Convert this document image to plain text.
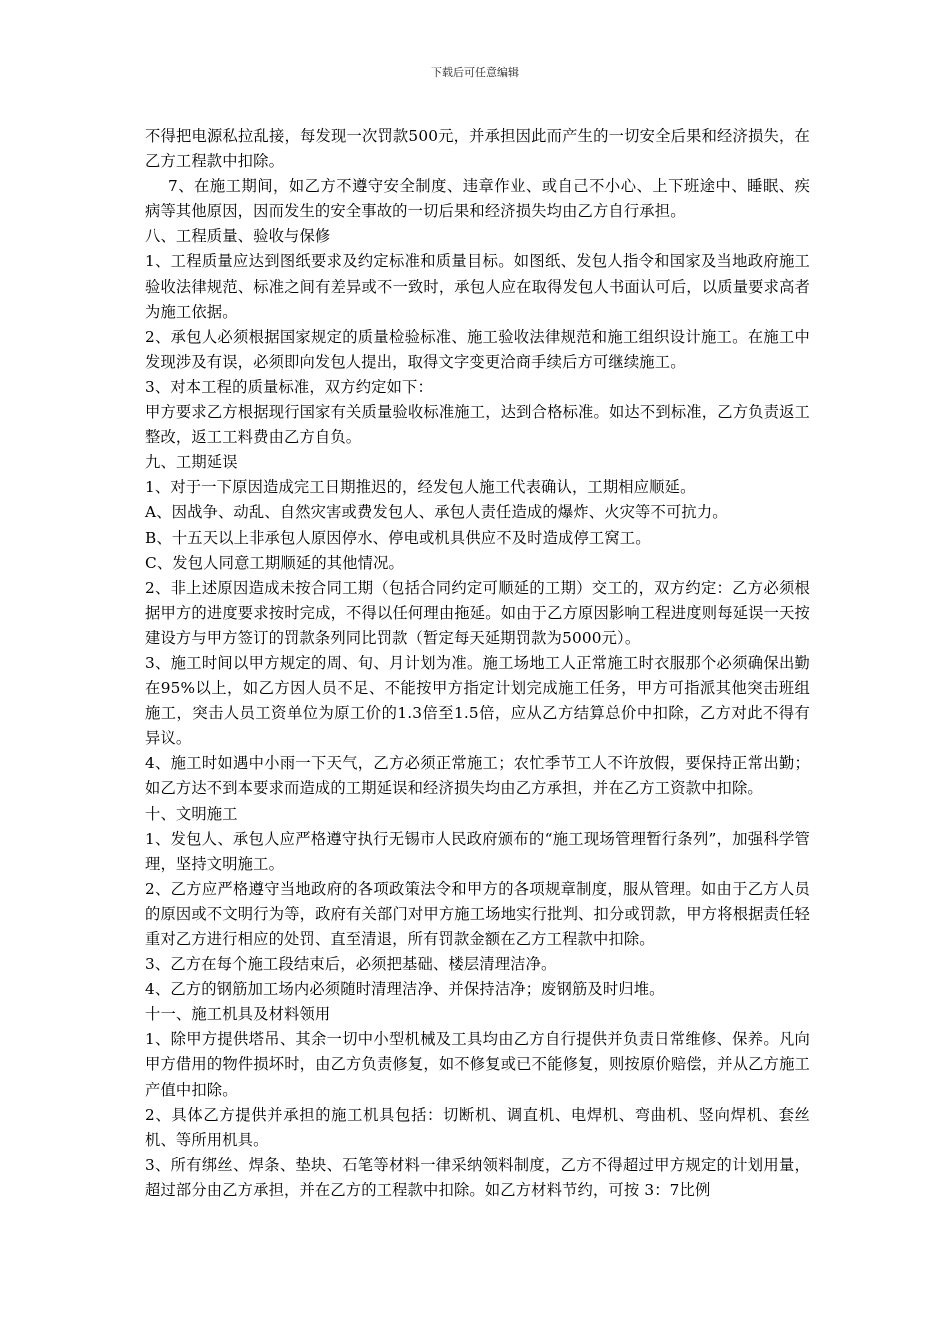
下载后可任意编辑

不得把电源私拉乱接，每发现一次罚款500元，并承担因此而产生的一切安全后果和经济损失，在乙方工程款中扣除。

7、在施工期间，如乙方不遵守安全制度、违章作业、或自己不小心、上下班途中、睡眠、疾病等其他原因，因而发生的安全事故的一切后果和经济损失均由乙方自行承担。

八、工程质量、验收与保修

1、工程质量应达到图纸要求及约定标准和质量目标。如图纸、发包人指令和国家及当地政府施工验收法律规范、标准之间有差异或不一致时，承包人应在取得发包人书面认可后，以质量要求高者为施工依据。

2、承包人必须根据国家规定的质量检验标准、施工验收法律规范和施工组织设计施工。在施工中发现涉及有误，必须即向发包人提出，取得文字变更洽商手续后方可继续施工。

3、对本工程的质量标准，双方约定如下：

甲方要求乙方根据现行国家有关质量验收标准施工，达到合格标准。如达不到标准，乙方负责返工整改，返工工料费由乙方自负。

九、工期延误

1、对于一下原因造成完工日期推迟的，经发包人施工代表确认，工期相应顺延。

A、因战争、动乱、自然灾害或费发包人、承包人责任造成的爆炸、火灾等不可抗力。

B、十五天以上非承包人原因停水、停电或机具供应不及时造成停工窝工。

C、发包人同意工期顺延的其他情况。

2、非上述原因造成未按合同工期（包括合同约定可顺延的工期）交工的，双方约定：乙方必须根据甲方的进度要求按时完成，不得以任何理由拖延。如由于乙方原因影响工程进度则每延误一天按建设方与甲方签订的罚款条列同比罚款（暂定每天延期罚款为5000元）。

3、施工时间以甲方规定的周、旬、月计划为准。施工场地工人正常施工时衣服那个必须确保出勤在95%以上，如乙方因人员不足、不能按甲方指定计划完成施工任务，甲方可指派其他突击班组施工，突击人员工资单位为原工价的1.3倍至1.5倍，应从乙方结算总价中扣除，乙方对此不得有异议。

4、施工时如遇中小雨一下天气，乙方必须正常施工；农忙季节工人不许放假，要保持正常出勤；如乙方达不到本要求而造成的工期延误和经济损失均由乙方承担，并在乙方工资款中扣除。

十、文明施工

1、发包人、承包人应严格遵守执行无锡市人民政府颁布的“施工现场管理暂行条列”，加强科学管理，坚持文明施工。

2、乙方应严格遵守当地政府的各项政策法令和甲方的各项规章制度，服从管理。如由于乙方人员的原因或不文明行为等，政府有关部门对甲方施工场地实行批判、扣分或罚款，甲方将根据责任轻重对乙方进行相应的处罚、直至清退，所有罚款金额在乙方工程款中扣除。

3、乙方在每个施工段结束后，必须把基础、楼层清理洁净。

4、乙方的钢筋加工场内必须随时清理洁净、并保持洁净；废钢筋及时归堆。

十一、施工机具及材料领用

1、除甲方提供塔吊、其余一切中小型机械及工具均由乙方自行提供并负责日常维修、保养。凡向甲方借用的物件损坏时，由乙方负责修复，如不修复或已不能修复，则按原价赔偿，并从乙方施工产值中扣除。

2、具体乙方提供并承担的施工机具包括：切断机、调直机、电焊机、弯曲机、竖向焊机、套丝机、等所用机具。

3、所有绑丝、焊条、垫块、石笔等材料一律采纳领料制度，乙方不得超过甲方规定的计划用量，超过部分由乙方承担，并在乙方的工程款中扣除。如乙方材料节约，可按 3：7比例
